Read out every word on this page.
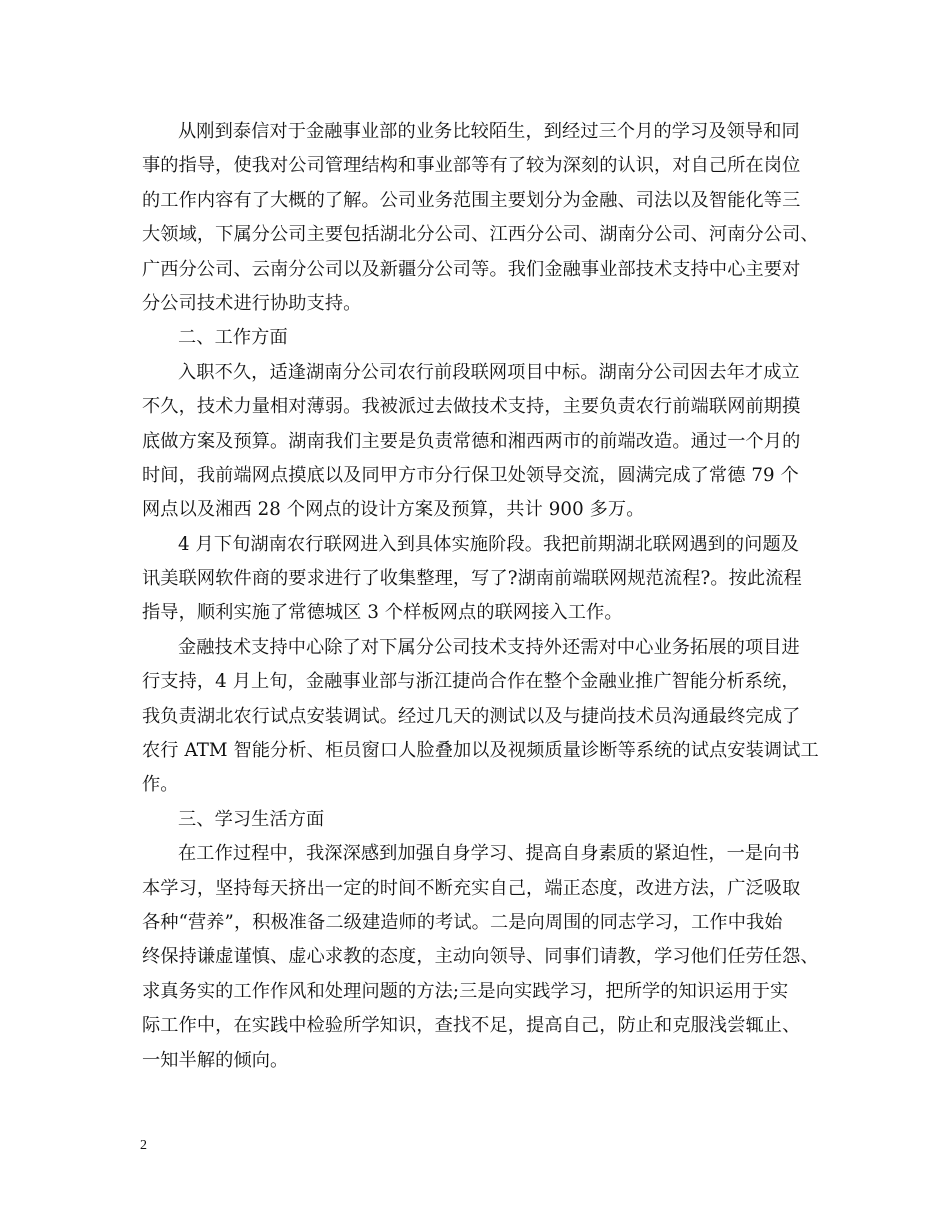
从刚到泰信对于金融事业部的业务比较陌生，到经过三个月的学习及领导和同
事的指导，使我对公司管理结构和事业部等有了较为深刻的认识，对自己所在岗位
的工作内容有了大概的了解。公司业务范围主要划分为金融、司法以及智能化等三
大领域，下属分公司主要包括湖北分公司、江西分公司、湖南分公司、河南分公司、
广西分公司、云南分公司以及新疆分公司等。我们金融事业部技术支持中心主要对
分公司技术进行协助支持。
二、工作方面
入职不久，适逢湖南分公司农行前段联网项目中标。湖南分公司因去年才成立
不久，技术力量相对薄弱。我被派过去做技术支持，主要负责农行前端联网前期摸
底做方案及预算。湖南我们主要是负责常德和湘西两市的前端改造。通过一个月的
时间，我前端网点摸底以及同甲方市分行保卫处领导交流，圆满完成了常德 79 个
网点以及湘西 28 个网点的设计方案及预算，共计 900 多万。
4 月下旬湖南农行联网进入到具体实施阶段。我把前期湖北联网遇到的问题及
讯美联网软件商的要求进行了收集整理，写了?湖南前端联网规范流程?。按此流程
指导，顺利实施了常德城区 3 个样板网点的联网接入工作。
金融技术支持中心除了对下属分公司技术支持外还需对中心业务拓展的项目进
行支持，4 月上旬，金融事业部与浙江捷尚合作在整个金融业推广智能分析系统，
我负责湖北农行试点安装调试。经过几天的测试以及与捷尚技术员沟通最终完成了
农行 ATM 智能分析、柜员窗口人脸叠加以及视频质量诊断等系统的试点安装调试工
作。
三、学习生活方面
在工作过程中，我深深感到加强自身学习、提高自身素质的紧迫性，一是向书
本学习，坚持每天挤出一定的时间不断充实自己，端正态度，改进方法，广泛吸取
各种“营养”，积极准备二级建造师的考试。二是向周围的同志学习，工作中我始
终保持谦虚谨慎、虚心求教的态度，主动向领导、同事们请教，学习他们任劳任怨、
求真务实的工作作风和处理问题的方法;三是向实践学习，把所学的知识运用于实
际工作中，在实践中检验所学知识，查找不足，提高自己，防止和克服浅尝辄止、
一知半解的倾向。
2
